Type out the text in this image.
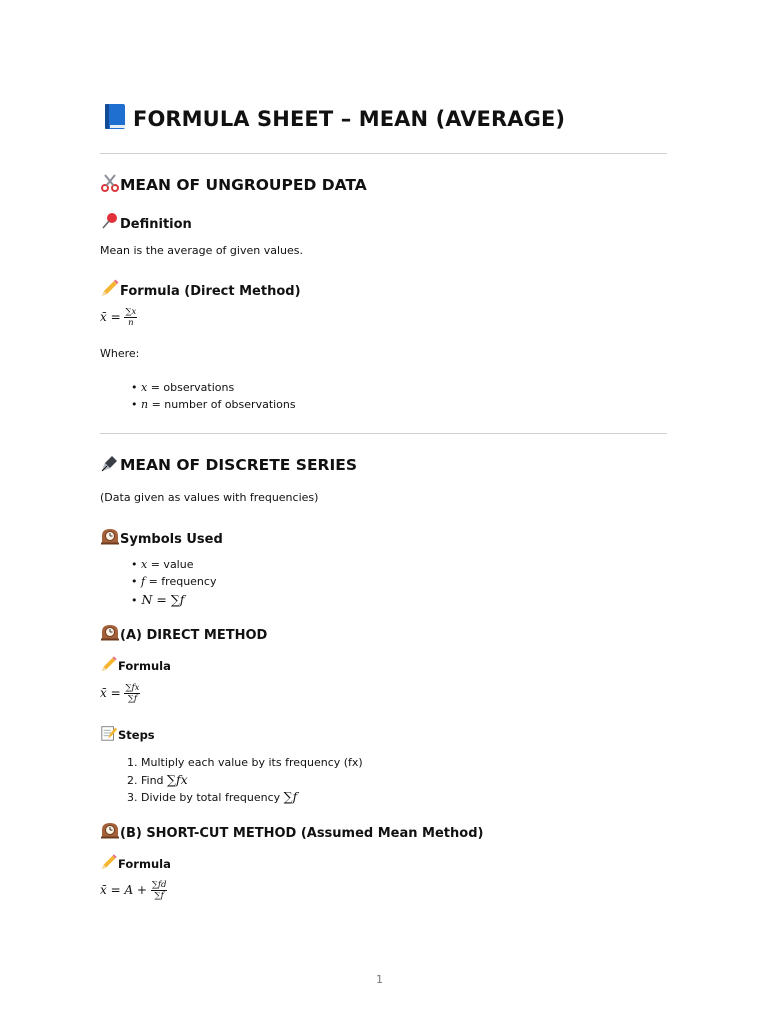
FORMULA SHEET – MEAN (AVERAGE)
MEAN OF UNGROUPED DATA
Definition

Mean is the average of given values.

Formula (Direct Method)
x̄ = $\frac{\sum x}{n}$

Where:

• x = observations

• n = number of observations

MEAN OF DISCRETE SERIES

(Data given as values with frequencies)

Symbols Used

• x = value

• f = frequency

• N = ∑f

(A) DIRECT METHOD
Formula
x̄ = $\frac{\sum fx}{\sum f}$
Steps

1. Multiply each value by its frequency (fx)

2. Find ∑fx

3. Divide by total frequency ∑f

(B) SHORT-CUT METHOD (Assumed Mean Method)
Formula
x̄ = $A + \frac{\sum fd}{\sum f}$
1
